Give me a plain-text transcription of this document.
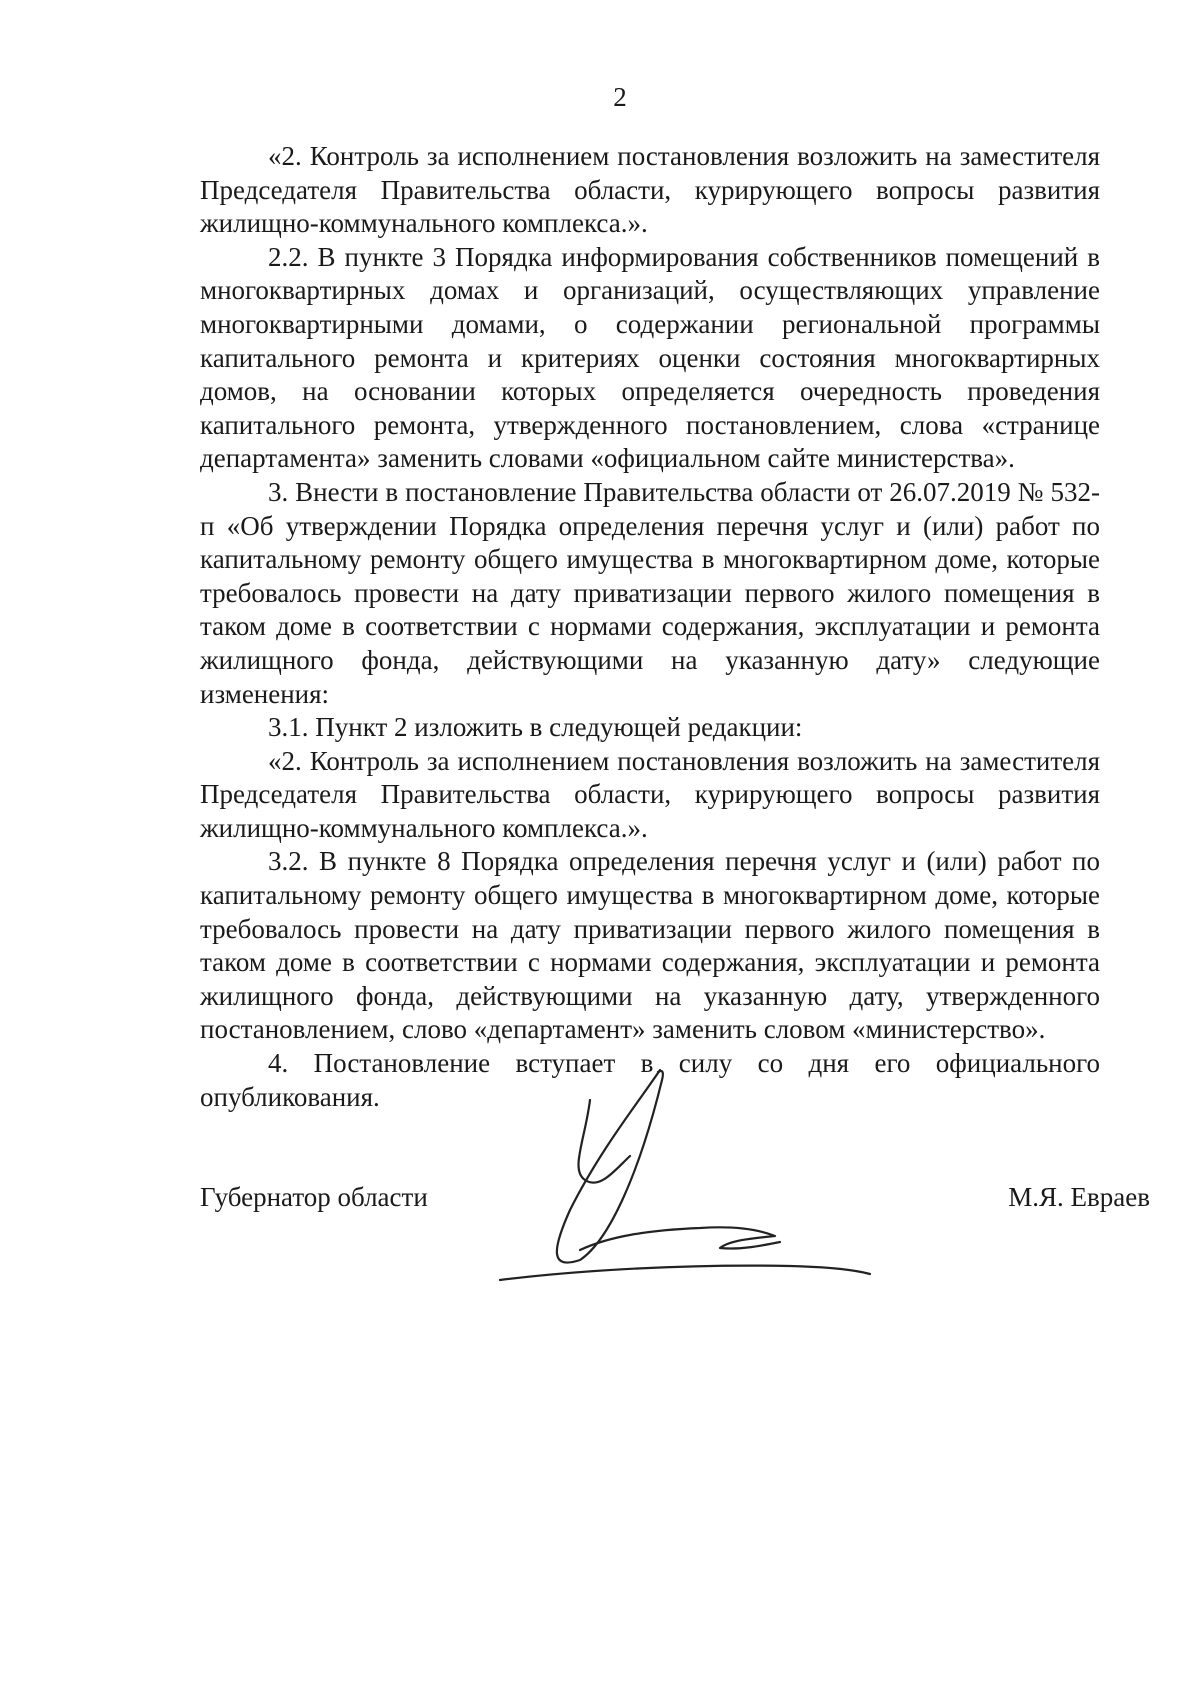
2

«2. Контроль за исполнением постановления возложить на заместителя Председателя Правительства области, курирующего вопросы развития жилищно-коммунального комплекса.».

2.2. В пункте 3 Порядка информирования собственников помещений в многоквартирных домах и организаций, осуществляющих управление многоквартирными домами, о содержании региональной программы капитального ремонта и критериях оценки состояния многоквартирных домов, на основании которых определяется очередность проведения капитального ремонта, утвержденного постановлением, слова «странице департамента» заменить словами «официальном сайте министерства».

3. Внести в постановление Правительства области от 26.07.2019 № 532-п «Об утверждении Порядка определения перечня услуг и (или) работ по капитальному ремонту общего имущества в многоквартирном доме, которые требовалось провести на дату приватизации первого жилого помещения в таком доме в соответствии с нормами содержания, эксплуатации и ремонта жилищного фонда, действующими на указанную дату» следующие изменения:

3.1. Пункт 2 изложить в следующей редакции:

«2. Контроль за исполнением постановления возложить на заместителя Председателя Правительства области, курирующего вопросы развития жилищно-коммунального комплекса.».

3.2. В пункте 8 Порядка определения перечня услуг и (или) работ по капитальному ремонту общего имущества в многоквартирном доме, которые требовалось провести на дату приватизации первого жилого помещения в таком доме в соответствии с нормами содержания, эксплуатации и ремонта жилищного фонда, действующими на указанную дату, утвержденного постановлением, слово «департамент» заменить словом «министерство».

4. Постановление вступает в силу со дня его официального опубликования.

Губернатор области	М.Я. Евраев
